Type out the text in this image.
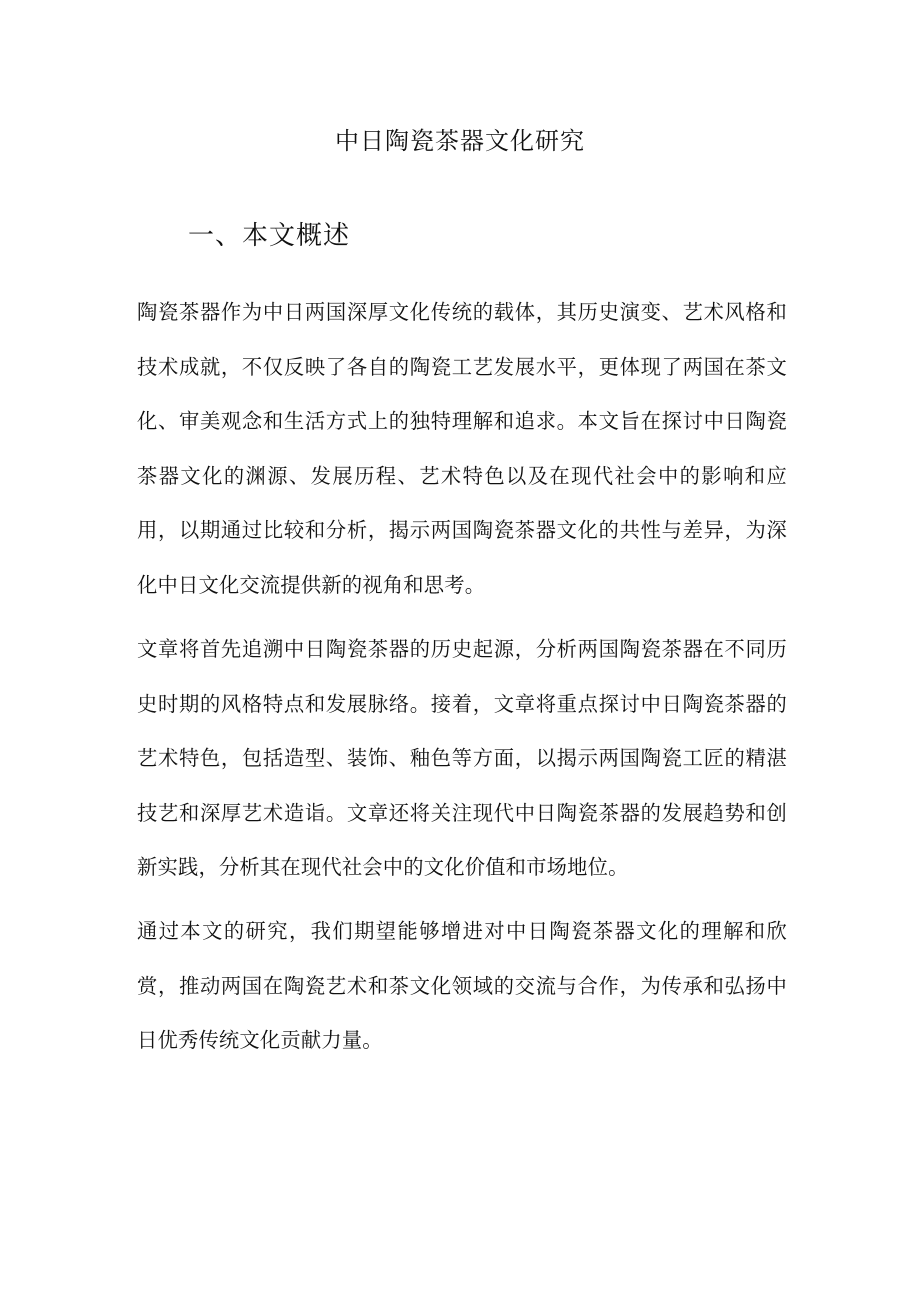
中日陶瓷茶器文化研究
一、本文概述

陶瓷茶器作为中日两国深厚文化传统的载体，其历史演变、艺术风格和技术成就，不仅反映了各自的陶瓷工艺发展水平，更体现了两国在茶文化、审美观念和生活方式上的独特理解和追求。本文旨在探讨中日陶瓷茶器文化的渊源、发展历程、艺术特色以及在现代社会中的影响和应用，以期通过比较和分析，揭示两国陶瓷茶器文化的共性与差异，为深化中日文化交流提供新的视角和思考。

文章将首先追溯中日陶瓷茶器的历史起源，分析两国陶瓷茶器在不同历史时期的风格特点和发展脉络。接着，文章将重点探讨中日陶瓷茶器的艺术特色，包括造型、装饰、釉色等方面，以揭示两国陶瓷工匠的精湛技艺和深厚艺术造诣。文章还将关注现代中日陶瓷茶器的发展趋势和创新实践，分析其在现代社会中的文化价值和市场地位。

通过本文的研究，我们期望能够增进对中日陶瓷茶器文化的理解和欣赏，推动两国在陶瓷艺术和茶文化领域的交流与合作，为传承和弘扬中日优秀传统文化贡献力量。
